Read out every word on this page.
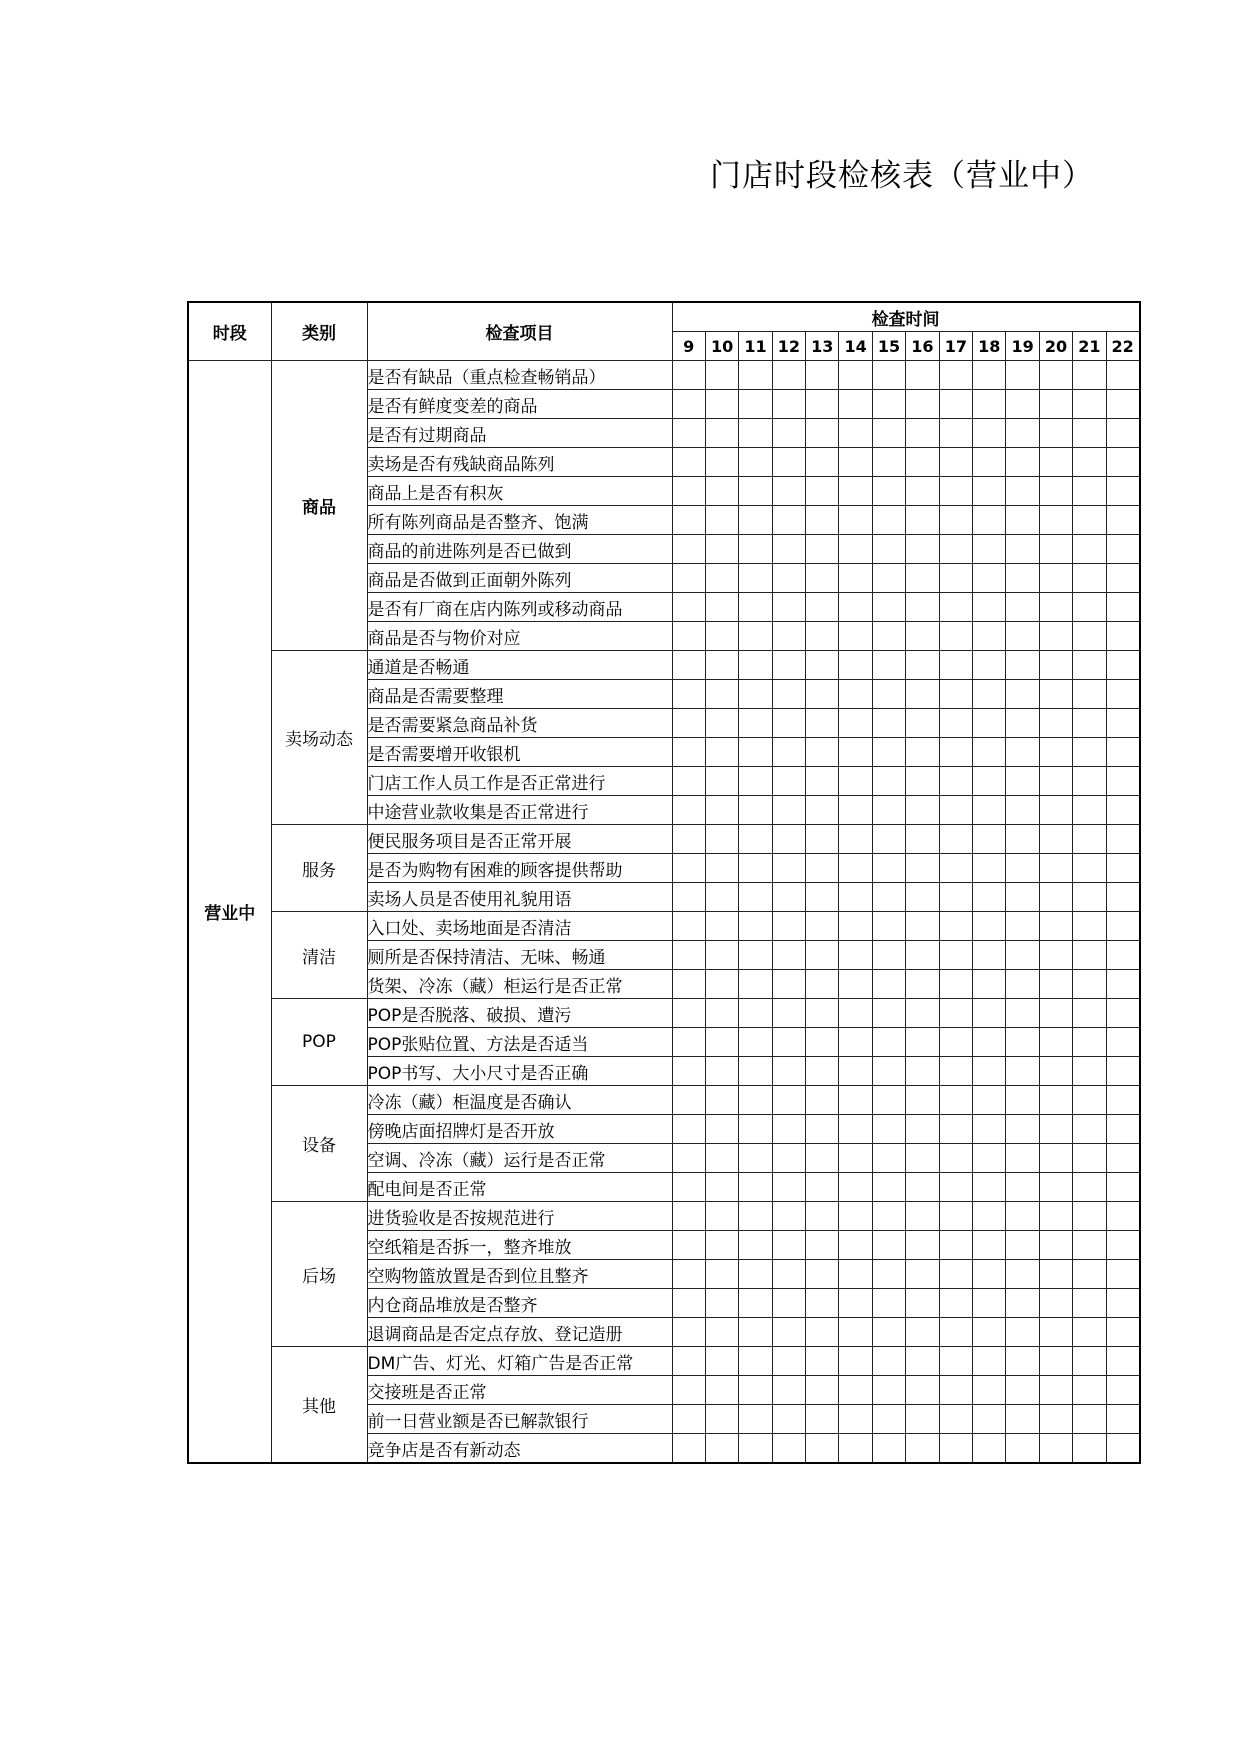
门店时段检核表（营业中）
时段	类别	检查项目	检查时间													
			9	10	11	12	13	14	15	16	17	18	19	20	21	22
营业中	商品	是否有缺品（重点检查畅销品）														
		是否有鲜度变差的商品														
		是否有过期商品														
		卖场是否有残缺商品陈列														
		商品上是否有积灰														
		所有陈列商品是否整齐、饱满														
		商品的前进陈列是否已做到														
		商品是否做到正面朝外陈列														
		是否有厂商在店内陈列或移动商品														
		商品是否与物价对应														
	卖场动态	通道是否畅通														
		商品是否需要整理														
		是否需要紧急商品补货														
		是否需要增开收银机														
		门店工作人员工作是否正常进行														
		中途营业款收集是否正常进行														
	服务	便民服务项目是否正常开展														
		是否为购物有困难的顾客提供帮助														
		卖场人员是否使用礼貌用语														
	清洁	入口处、卖场地面是否清洁														
		厕所是否保持清洁、无味、畅通														
		货架、冷冻（藏）柜运行是否正常														
	POP	POP是否脱落、破损、遭污														
		POP张贴位置、方法是否适当														
		POP书写、大小尺寸是否正确														
	设备	冷冻（藏）柜温度是否确认														
		傍晚店面招牌灯是否开放														
		空调、冷冻（藏）运行是否正常														
		配电间是否正常														
	后场	进货验收是否按规范进行														
		空纸箱是否拆一，整齐堆放														
		空购物篮放置是否到位且整齐														
		内仓商品堆放是否整齐														
		退调商品是否定点存放、登记造册														
	其他	DM广告、灯光、灯箱广告是否正常														
		交接班是否正常														
		前一日营业额是否已解款银行														
		竞争店是否有新动态														
